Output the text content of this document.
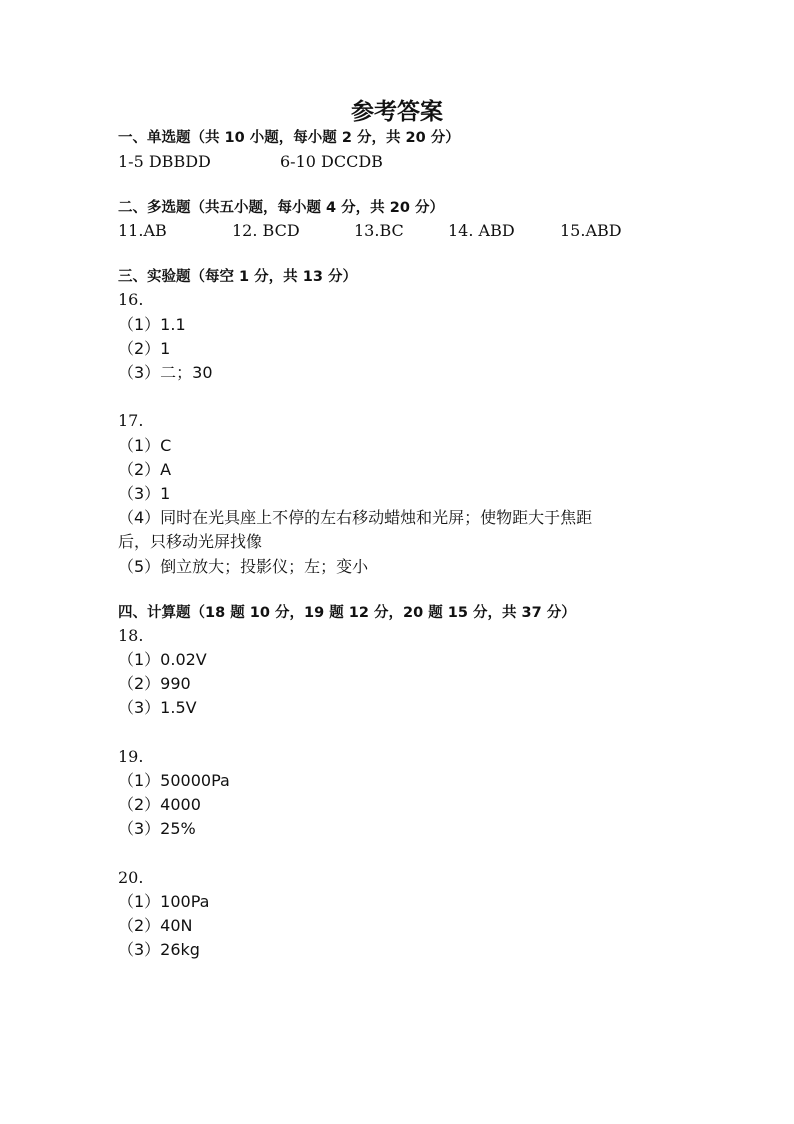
参考答案
一、单选题（共 10 小题，每小题 2 分，共 20 分）
1-5 DBBDD	6-10 DCCDB
二、多选题（共五小题，每小题 4 分，共 20 分）
11.AB	12. BCD	13.BC	14. ABD	15.ABD
三、实验题（每空 1 分，共 13 分）
16.
（1）1.1
（2）1
（3）二；30
17.
（1）C
（2）A
（3）1
（4）同时在光具座上不停的左右移动蜡烛和光屏；使物距大于焦距
后，只移动光屏找像
（5）倒立放大；投影仪；左；变小
四、计算题（18 题 10 分，19 题 12 分，20 题 15 分，共 37 分）
18.
（1）0.02V
（2）990
（3）1.5V
19.
（1）50000Pa
（2）4000
（3）25%
20.
（1）100Pa
（2）40N
（3）26kg
